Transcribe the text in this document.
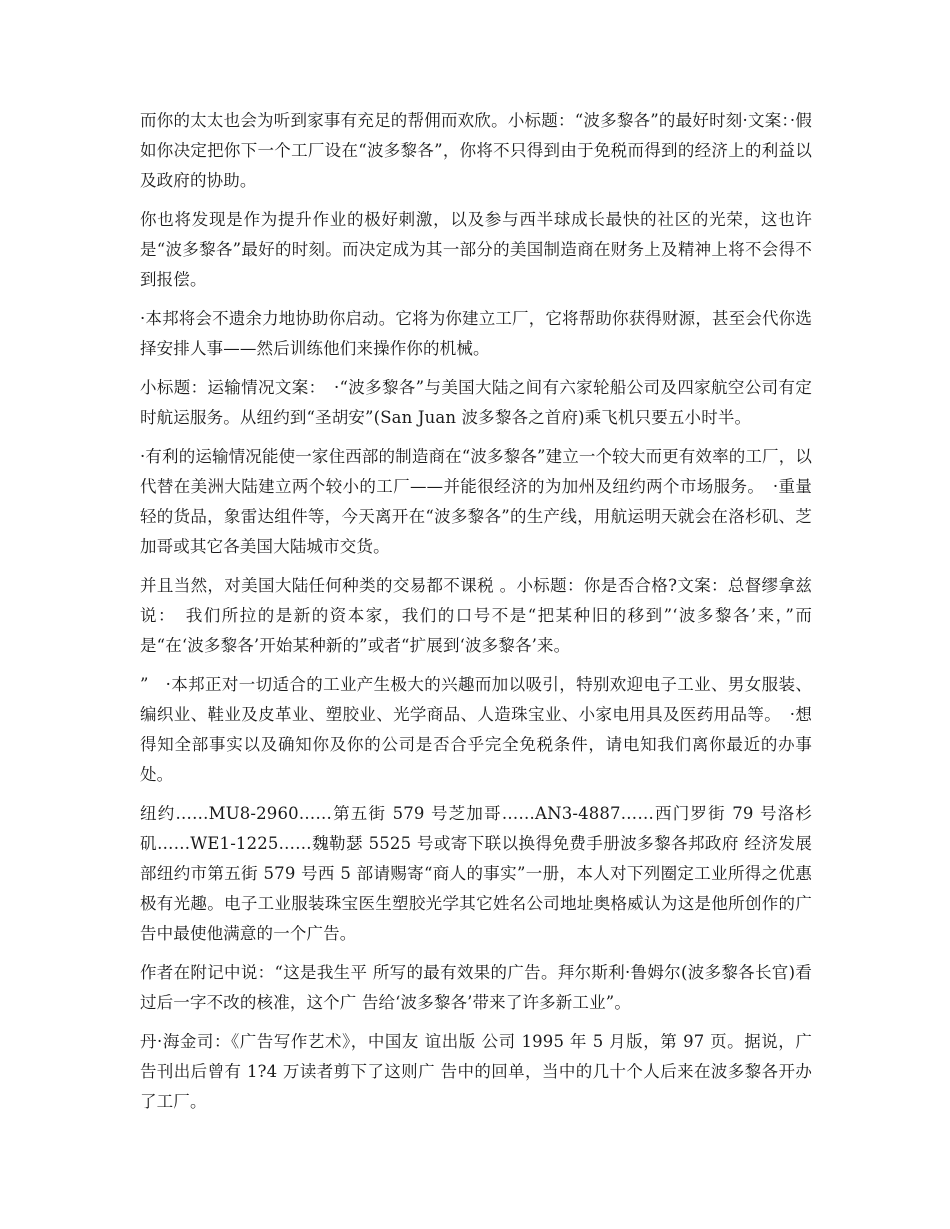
而你的太太也会为听到家事有充足的帮佣而欢欣。小标题：“波多黎各”的最好时刻·文案：·假如你决定把你下一个工厂设在“波多黎各”，你将不只得到由于免税而得到的经济上的利益以及政府的协助。

你也将发现是作为提升作业的极好刺激，以及参与西半球成长最快的社区的光荣，这也许是“波多黎各”最好的时刻。而决定成为其一部分的美国制造商在财务上及精神上将不会得不到报偿。

·本邦将会不遗余力地协助你启动。它将为你建立工厂，它将帮助你获得财源，甚至会代你选择安排人事——然后训练他们来操作你的机械。

小标题：运输情况文案：　·“波多黎各”与美国大陆之间有六家轮船公司及四家航空公司有定时航运服务。从纽约到“圣胡安”(San Juan 波多黎各之首府)乘飞机只要五小时半。

·有利的运输情况能使一家住西部的制造商在“波多黎各”建立一个较大而更有效率的工厂，以代替在美洲大陆建立两个较小的工厂——并能很经济的为加州及纽约两个市场服务。　·重量轻的货品，象雷达组件等，今天离开在“波多黎各”的生产线，用航运明天就会在洛杉矶、芝加哥或其它各美国大陆城市交货。

并且当然，对美国大陆任何种类的交易都不课税 。小标题：你是否合格?文案：总督缪拿兹说：　我们所拉的是新的资本家，我们的口号不是“把某种旧的移到”‘波多黎各’来，”而是“在‘波多黎各’开始某种新的”或者“扩展到‘波多黎各’来。

”　·本邦正对一切适合的工业产生极大的兴趣而加以吸引，特别欢迎电子工业、男女服装、编织业、鞋业及皮革业、塑胶业、光学商品、人造珠宝业、小家电用具及医药用品等。　·想得知全部事实以及确知你及你的公司是否合乎完全免税条件，请电知我们离你最近的办事处。

纽约……MU8-2960……第五街 579 号芝加哥……AN3-4887……西门罗街 79 号洛杉矶……WE1-1225……魏勒瑟 5525 号或寄下联以换得免费手册波多黎各邦政府 经济发展部纽约市第五街 579 号西 5 部请赐寄“商人的事实”一册，本人对下列圈定工业所得之优惠极有光趣。电子工业服装珠宝医生塑胶光学其它姓名公司地址奥格威认为这是他所创作的广告中最使他满意的一个广告。

作者在附记中说：“这是我生平 所写的最有效果的广告。拜尔斯利·鲁姆尔(波多黎各长官)看过后一字不改的核准，这个广 告给‘波多黎各’带来了许多新工业”。

丹·海金司：《广告写作艺术》，中国友 谊出版 公司 1995 年 5 月版，第 97 页。据说，广告刊出后曾有 1?4 万读者剪下了这则广 告中的回单，当中的几十个人后来在波多黎各开办了工厂。
